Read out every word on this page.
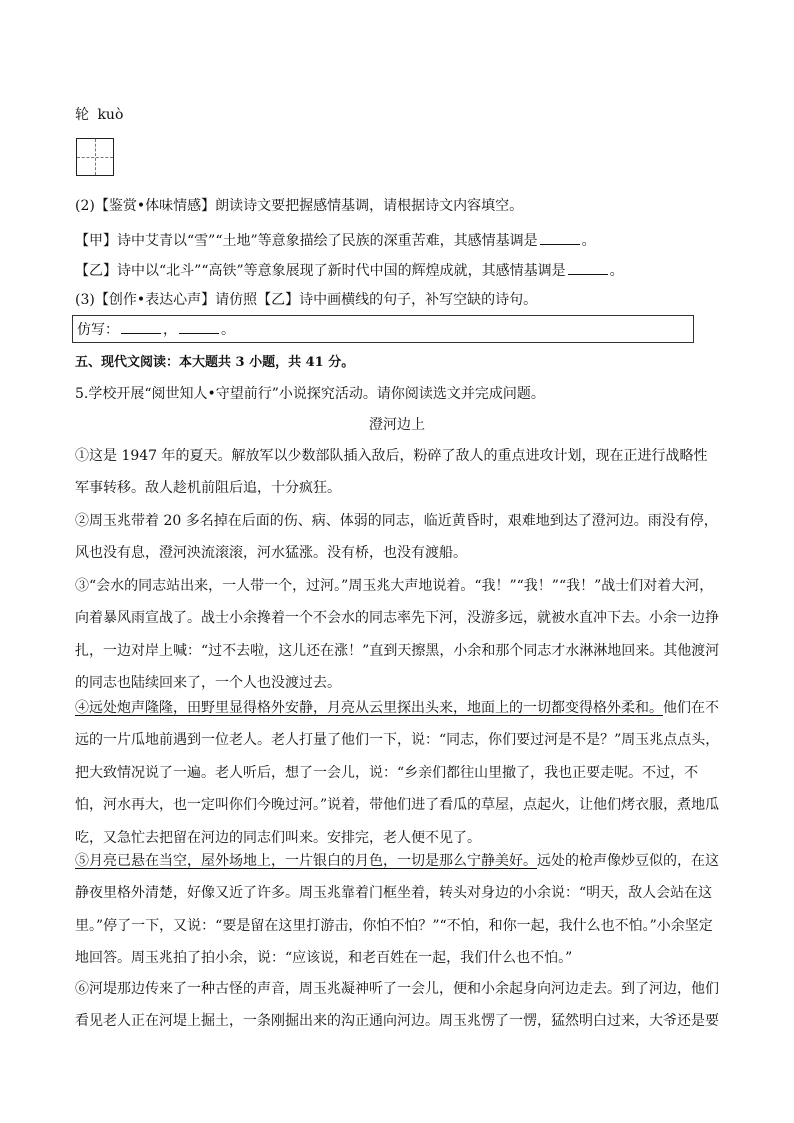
轮 kuò
(2)【鉴赏•体味情感】朗读诗文要把握感情基调，请根据诗文内容填空。
【甲】诗中艾青以“雪”“土地”等意象描绘了民族的深重苦难，其感情基调是	。
【乙】诗中以“北斗”“高铁”等意象展现了新时代中国的辉煌成就，其感情基调是	。
(3)【创作•表达心声】请仿照【乙】诗中画横线的句子，补写空缺的诗句。
仿写：	，	。
五、现代文阅读：本大题共 3 小题，共 41 分。
5.学校开展“阅世知人•守望前行”小说探究活动。请你阅读选文并完成问题。
澄河边上
①这是 1947 年的夏天。解放军以少数部队插入敌后，粉碎了敌人的重点进攻计划，现在正进行战略性军事转移。敌人趁机前阻后追，十分疯狂。
②周玉兆带着 20 多名掉在后面的伤、病、体弱的同志，临近黄昏时，艰难地到达了澄河边。雨没有停，风也没有息，澄河泱流滚滚，河水猛涨。没有桥，也没有渡船。
③“会水的同志站出来，一人带一个，过河。”周玉兆大声地说着。“我！”“我！”“我！”战士们对着大河，向着暴风雨宣战了。战士小余搀着一个不会水的同志率先下河，没游多远，就被水直冲下去。小余一边挣扎，一边对岸上喊：“过不去啦，这儿还在涨！”直到天擦黑，小余和那个同志才水淋淋地回来。其他渡河的同志也陆续回来了，一个人也没渡过去。
④远处炮声隆隆，田野里显得格外安静，月亮从云里探出头来，地面上的一切都变得格外柔和。他们在不远的一片瓜地前遇到一位老人。老人打量了他们一下，说：“同志，你们要过河是不是？”周玉兆点点头，把大致情况说了一遍。老人听后，想了一会儿，说：“乡亲们都往山里撤了，我也正要走呢。不过，不怕，河水再大，也一定叫你们今晚过河。”说着，带他们进了看瓜的草屋，点起火，让他们烤衣服，煮地瓜吃，又急忙去把留在河边的同志们叫来。安排完，老人便不见了。
⑤月亮已悬在当空，屋外场地上，一片银白的月色，一切是那么宁静美好。远处的枪声像炒豆似的，在这静夜里格外清楚，好像又近了许多。周玉兆靠着门框坐着，转头对身边的小余说：“明天，敌人会站在这里。”停了一下，又说：“要是留在这里打游击，你怕不怕？”“不怕，和你一起，我什么也不怕。”小余坚定地回答。周玉兆拍了拍小余，说：“应该说，和老百姓在一起，我们什么也不怕。”
⑥河堤那边传来了一种古怪的声音，周玉兆凝神听了一会儿，便和小余起身向河边走去。到了河边，他们看见老人正在河堤上掘土，一条刚掘出来的沟正通向河边。周玉兆愣了一愣，猛然明白过来，大爷还是要
